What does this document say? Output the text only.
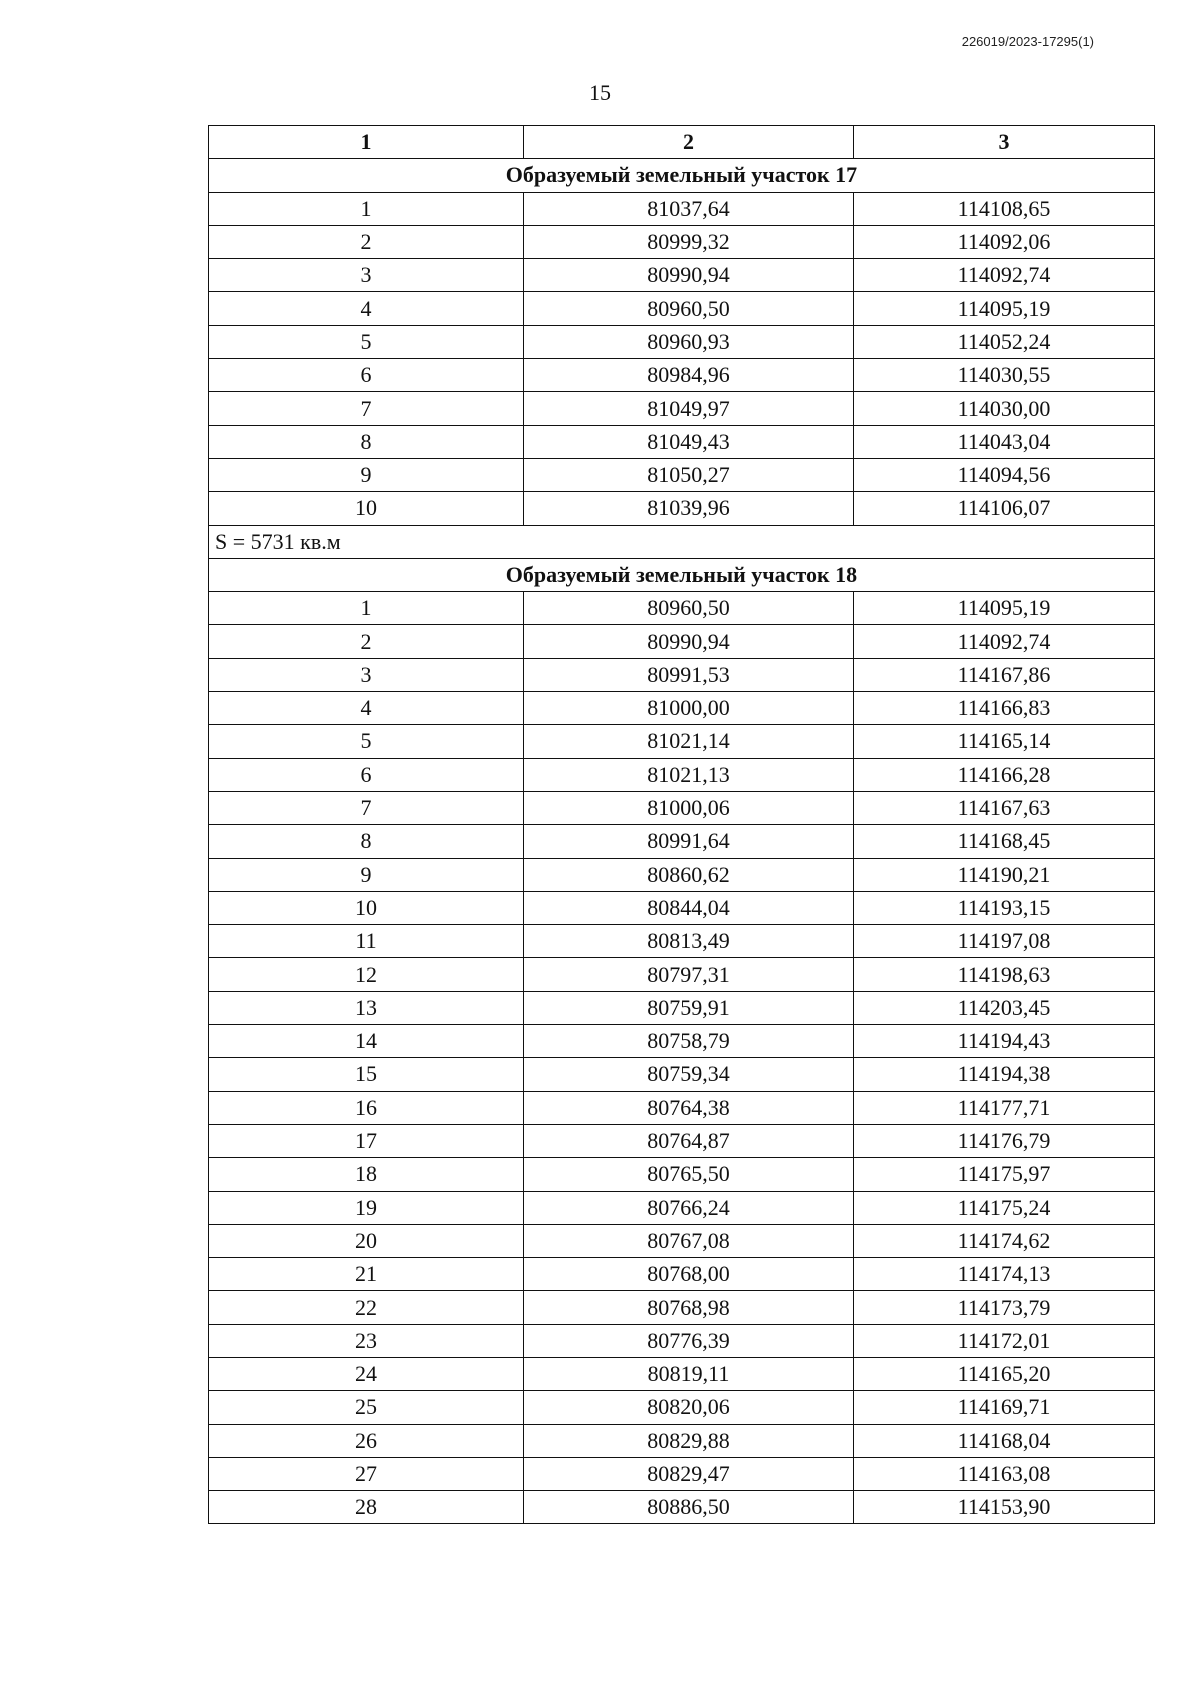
226019/2023-17295(1)
15
1	2	3
Образуемый земельный участок 17		
1	81037,64	114108,65
2	80999,32	114092,06
3	80990,94	114092,74
4	80960,50	114095,19
5	80960,93	114052,24
6	80984,96	114030,55
7	81049,97	114030,00
8	81049,43	114043,04
9	81050,27	114094,56
10	81039,96	114106,07
S = 5731 кв.м		
Образуемый земельный участок 18		
1	80960,50	114095,19
2	80990,94	114092,74
3	80991,53	114167,86
4	81000,00	114166,83
5	81021,14	114165,14
6	81021,13	114166,28
7	81000,06	114167,63
8	80991,64	114168,45
9	80860,62	114190,21
10	80844,04	114193,15
11	80813,49	114197,08
12	80797,31	114198,63
13	80759,91	114203,45
14	80758,79	114194,43
15	80759,34	114194,38
16	80764,38	114177,71
17	80764,87	114176,79
18	80765,50	114175,97
19	80766,24	114175,24
20	80767,08	114174,62
21	80768,00	114174,13
22	80768,98	114173,79
23	80776,39	114172,01
24	80819,11	114165,20
25	80820,06	114169,71
26	80829,88	114168,04
27	80829,47	114163,08
28	80886,50	114153,90
